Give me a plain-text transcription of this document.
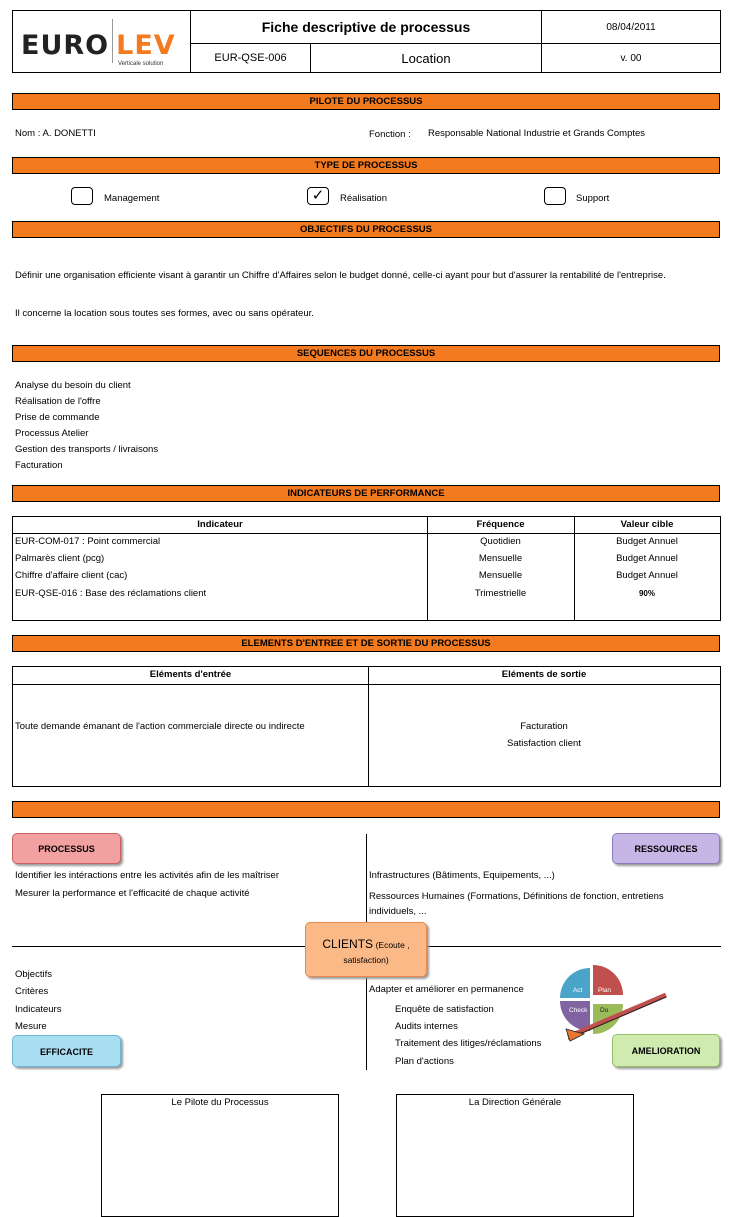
EURO LEV
Verticale solution	Fiche descriptive de processus		08/04/2011
	EUR-QSE-006	Location	v. 00
PILOTE DU PROCESSUS
Nom : A. DONETTI	Fonction : Responsable National Industrie et Grands Comptes
TYPE DE PROCESSUS
Management	✓	Réalisation	Support
OBJECTIFS DU PROCESSUS
Définir une organisation efficiente visant à garantir un Chiffre d'Affaires selon le budget donné, celle-ci ayant pour but d'assurer la rentabilité de l'entreprise.
Il concerne la location sous toutes ses formes, avec ou sans opérateur.
SEQUENCES DU PROCESSUS
Analyse du besoin du client
Réalisation de l'offre
Prise de commande
Processus Atelier
Gestion des transports / livraisons
Facturation
INDICATEURS DE PERFORMANCE
Indicateur	Fréquence	Valeur cible
EUR-COM-017 : Point commercial	Quotidien	Budget Annuel
Palmarès client (pcg)	Mensuelle	Budget Annuel
Chiffre d'affaire client (cac)	Mensuelle	Budget Annuel
EUR-QSE-016 : Base des réclamations client	Trimestrielle	90%
ELEMENTS D'ENTREE ET DE SORTIE DU PROCESSUS
Eléments d'entrée	Eléments de sortie
Toute demande émanant de l'action commerciale directe ou indirecte	Facturation
Satisfaction client
PROCESSUS	RESSOURCES
EFFICACITE	AMELIORATION
CLIENTS (Ecoute ,
satisfaction)
Identifier les intéractions entre les activités afin de les maîtriser
Mesurer la performance et l'efficacité de chaque activité
Infrastructures (Bâtiments, Equipements, ...)
Ressources Humaines (Formations, Définitions de fonction, entretiens individuels, ...
Objectifs
Critères
Indicateurs
Mesure
Adapter et améliorer en permanence
Enquête de satisfaction
Audits internes
Traitement des litiges/réclamations
Plan d'actions
Act Plan
Check Do
Le Pilote du Processus	La Direction Générale
